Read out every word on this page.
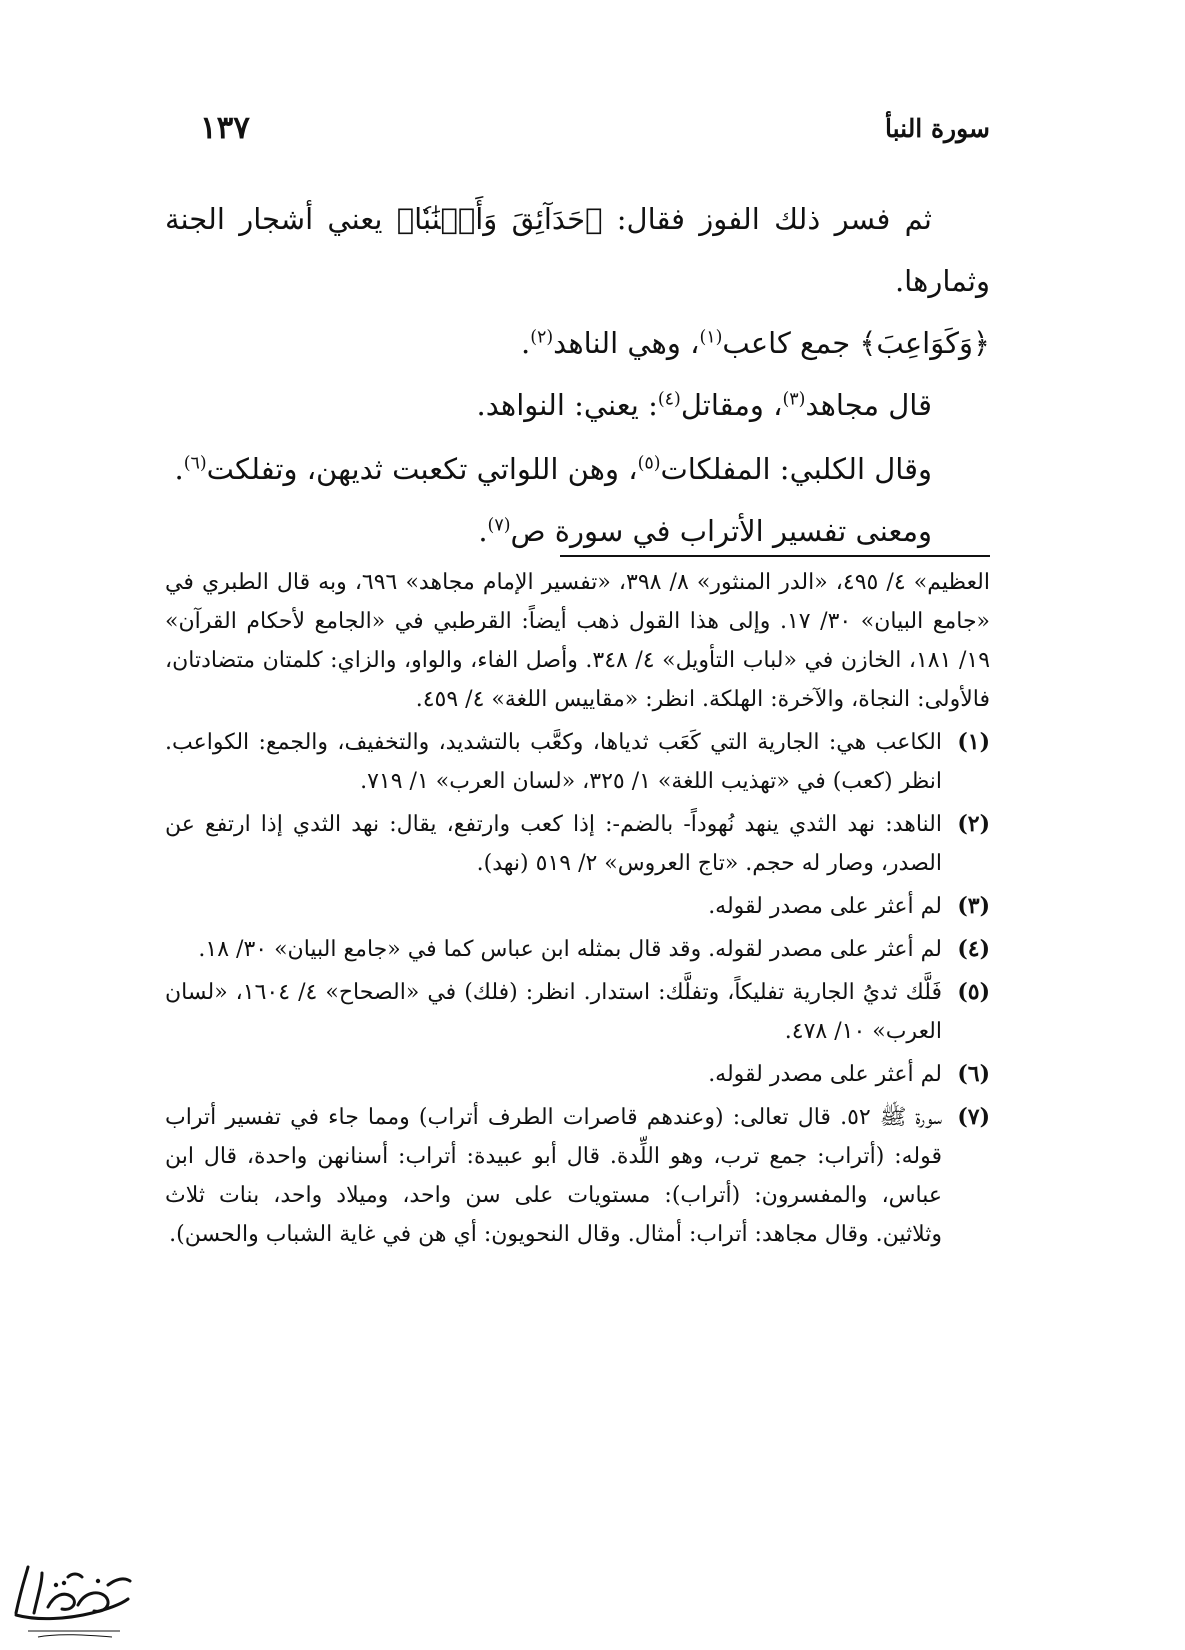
سورة النبأ
١٣٧

ثم فسر ذلك الفوز فقال: ﴿حَدَآئِقَ وَأَعۡنَٰبٗا﴾ يعني أشجار الجنة وثمارها.

﴿وَكَوَاعِبَ﴾ جمع كاعب$^{(١)}$، وهي الناهد$^{(٢)}$.

قال مجاهد$^{(٣)}$، ومقاتل$^{(٤)}$: يعني: النواهد.

وقال الكلبي: المفلكات$^{(٥)}$، وهن اللواتي تكعبت ثديهن، وتفلكت$^{(٦)}$.

ومعنى تفسير الأتراب في سورة ص$^{(٧)}$.

العظيم» ٤/ ٤٩٥، «الدر المنثور» ٨/ ٣٩٨، «تفسير الإمام مجاهد» ٦٩٦، وبه قال الطبري في «جامع البيان» ٣٠/ ١٧. وإلى هذا القول ذهب أيضاً: القرطبي في «الجامع لأحكام القرآن» ١٩/ ١٨١، الخازن في «لباب التأويل» ٤/ ٣٤٨. وأصل الفاء، والواو، والزاي: كلمتان متضادتان، فالأولى: النجاة، والآخرة: الهلكة. انظر: «مقاييس اللغة» ٤/ ٤٥٩.

(١)
الكاعب هي: الجارية التي كَعَب ثدياها، وكعَّب بالتشديد، والتخفيف، والجمع: الكواعب. انظر (كعب) في «تهذيب اللغة» ١/ ٣٢٥، «لسان العرب» ١/ ٧١٩.
(٢)
الناهد: نهد الثدي ينهد نُهوداً- بالضم-: إذا كعب وارتفع، يقال: نهد الثدي إذا ارتفع عن الصدر، وصار له حجم. «تاج العروس» ٢/ ٥١٩ (نهد).
(٣)
لم أعثر على مصدر لقوله.
(٤)
لم أعثر على مصدر لقوله. وقد قال بمثله ابن عباس كما في «جامع البيان» ٣٠/ ١٨.
(٥)
فَلَّك ثديُ الجارية تفليكاً، وتفلَّك: استدار. انظر: (فلك) في «الصحاح» ٤/ ١٦٠٤، «لسان العرب» ١٠/ ٤٧٨.
(٦)
لم أعثر على مصدر لقوله.
(٧)
سورة ﷺ ٥٢. قال تعالى: (وعندهم قاصرات الطرف أتراب) ومما جاء في تفسير أتراب قوله: (أتراب: جمع ترب، وهو اللِّدة. قال أبو عبيدة: أتراب: أسنانهن واحدة، قال ابن عباس، والمفسرون: (أتراب): مستويات على سن واحد، وميلاد واحد، بنات ثلاث وثلاثين. وقال مجاهد: أتراب: أمثال. وقال النحويون: أي هن في غاية الشباب والحسن).
